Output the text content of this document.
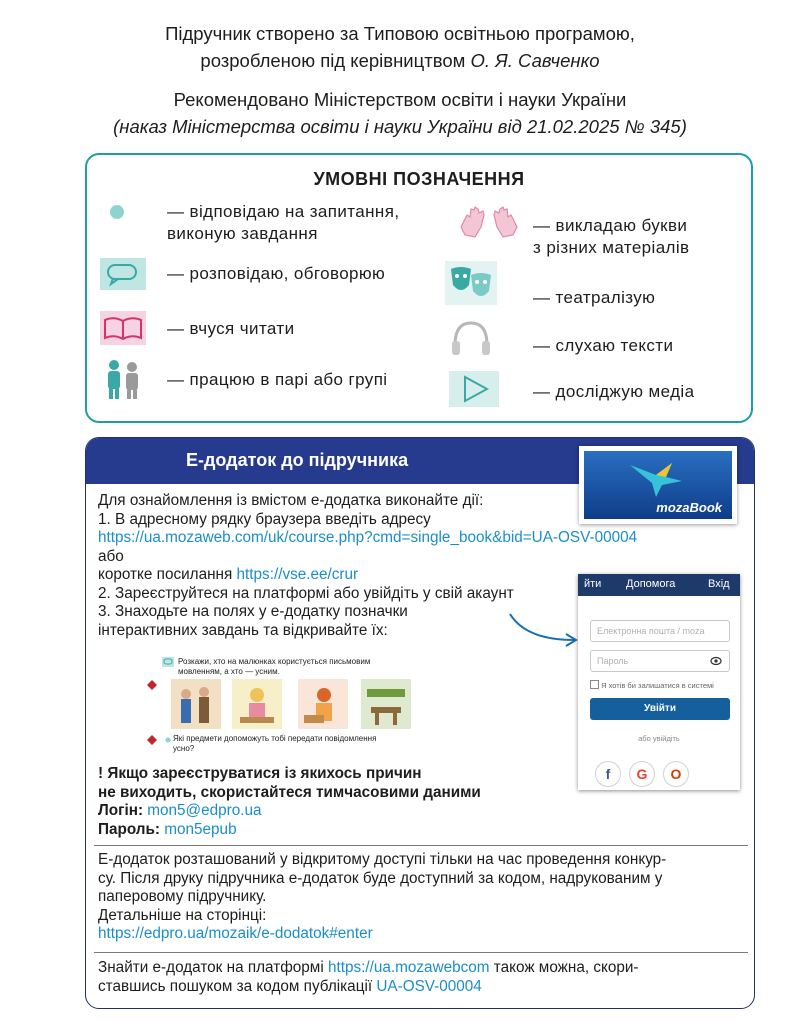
Підручник створено за Типовою освітньою програмою,

розробленою під керівництвом О. Я. Савченко

Рекомендовано Міністерством освіти і науки України

(наказ Міністерства освіти і науки України від 21.02.2025 № 345)

УМОВНІ ПОЗНАЧЕННЯ
— відповідаю на запитання,
виконую завдання
— розповідаю, обговорюю
— вчуся читати
— працюю в парі або групі
— викладаю букви
з різних матеріалів
— театралізую
— слухаю тексти
— досліджую медіа
Е-додаток до підручника
Для ознайомлення із вмістом е-додатка виконайте дії:
1. В адресному рядку браузера введіть адресу
https://ua.mozaweb.com/uk/course.php?cmd=single_book&bid=UA-OSV-00004
або
коротке посилання https://vse.ee/crur
2. Зареєструйтеся на платформі або увійдіть у свій акаунт
3. Знаходьте на полях у е-додатку позначки
інтерактивних завдань та відкривайте їх:
! Якщо зареєструватися із якихось причин
не виходить, скористайтеся тимчасовими даними
Логін: mon5@edpro.ua
Пароль: mon5epub
Е-додаток розташований у відкритому доступі тільки на час проведення конкур-
су. Після друку підручника е-додаток буде доступний за кодом, надрукованим у
паперовому підручнику.
Детальніше на сторінці:
https://edpro.ua/mozaik/e-dodatok#enter
Знайти е-додаток на платформі https://ua.mozawebcom також можна, скори-
ставшись пошуком за кодом публікації UA-OSV-00004
mozaBook
йти Допомога	Вхід
Електронна пошта / moza
Пароль
Я хотів би залишатися в системі
Увійти
або увійдіть
f	G	O
Розкажи, хто на малюнках користується письмовим
мовленням, а хто — усним.
Які предмети допоможуть тобі передати повідомлення
усно?
